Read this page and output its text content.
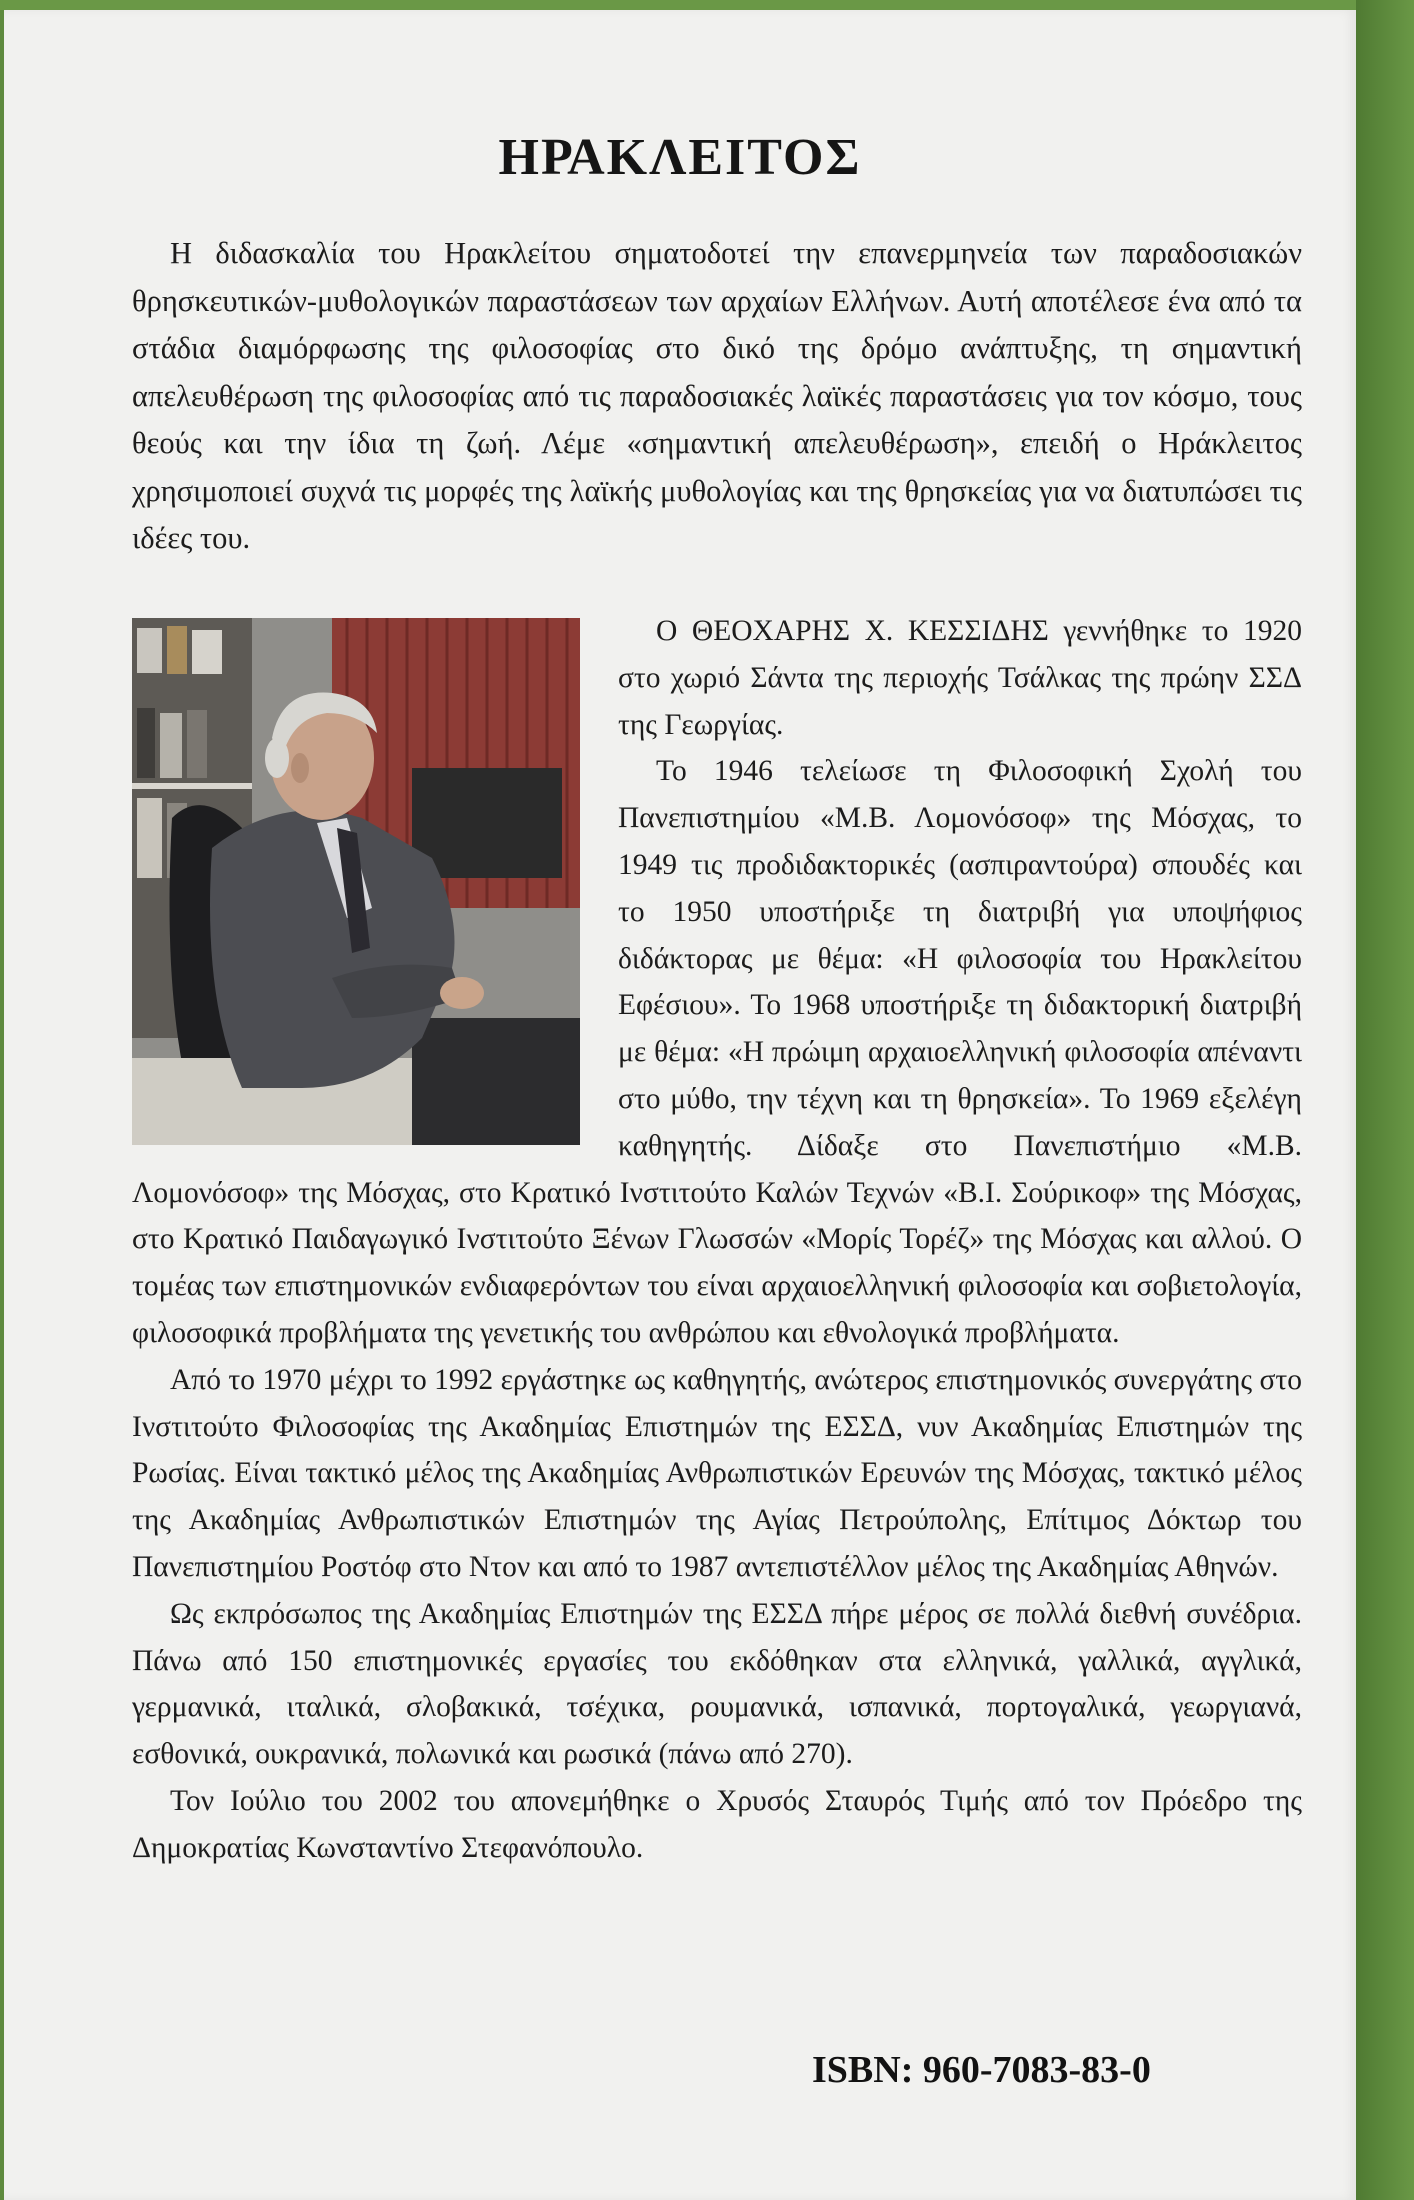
ΗΡΑΚΛΕΙΤΟΣ

Η διδασκαλία του Ηρακλείτου σηματοδοτεί την επανερμηνεία των παραδοσιακών θρησκευτικών-μυθολογικών παραστάσεων των αρχαίων Ελλήνων. Αυτή αποτέλεσε ένα από τα στάδια διαμόρφωσης της φιλοσοφίας στο δικό της δρόμο ανάπτυξης, τη σημαντική απελευθέρωση της φιλοσοφίας από τις παραδοσιακές λαϊκές παραστάσεις για τον κόσμο, τους θεούς και την ίδια τη ζωή. Λέμε «σημαντική απελευθέρωση», επειδή ο Ηράκλειτος χρησιμοποιεί συχνά τις μορφές της λαϊκής μυθολογίας και της θρησκείας για να διατυπώσει τις ιδέες του.

Ο ΘΕΟΧΑΡΗΣ Χ. ΚΕΣΣΙΔΗΣ γεννήθηκε το 1920 στο χωριό Σάντα της περιοχής Τσάλκας της πρώην ΣΣΔ της Γεωργίας.

Το 1946 τελείωσε τη Φιλοσοφική Σχολή του Πανεπιστημίου «Μ.Β. Λομονόσοφ» της Μόσχας, το 1949 τις προδιδακτορικές (ασπιραντούρα) σπουδές και το 1950 υποστήριξε τη διατριβή για υποψήφιος διδάκτορας με θέμα: «Η φιλοσοφία του Ηρακλείτου Εφέσιου». Το 1968 υποστήριξε τη διδακτορική διατριβή με θέμα: «Η πρώιμη αρχαιοελληνική φιλοσοφία απέναντι στο μύθο, την τέχνη και τη θρησκεία». Το 1969 εξελέγη καθηγητής. Δίδαξε στο Πανεπιστήμιο «Μ.Β. Λομονόσοφ» της Μόσχας, στο Κρατικό Ινστιτούτο Καλών Τεχνών «Β.Ι. Σούρικοφ» της Μόσχας, στο Κρατικό Παιδαγωγικό Ινστιτούτο Ξένων Γλωσσών «Μορίς Τορέζ» της Μόσχας και αλλού. Ο τομέας των επιστημονικών ενδιαφερόντων του είναι αρχαιοελληνική φιλοσοφία και σοβιετολογία, φιλοσοφικά προβλήματα της γενετικής του ανθρώπου και εθνολογικά προβλήματα.

Από το 1970 μέχρι το 1992 εργάστηκε ως καθηγητής, ανώτερος επιστημονικός συνεργάτης στο Ινστιτούτο Φιλοσοφίας της Ακαδημίας Επιστημών της ΕΣΣΔ, νυν Ακαδημίας Επιστημών της Ρωσίας. Είναι τακτικό μέλος της Ακαδημίας Ανθρωπιστικών Ερευνών της Μόσχας, τακτικό μέλος της Ακαδημίας Ανθρωπιστικών Επιστημών της Αγίας Πετρούπολης, Επίτιμος Δόκτωρ του Πανεπιστημίου Ροστόφ στο Ντον και από το 1987 αντεπιστέλλον μέλος της Ακαδημίας Αθηνών.

Ως εκπρόσωπος της Ακαδημίας Επιστημών της ΕΣΣΔ πήρε μέρος σε πολλά διεθνή συνέδρια. Πάνω από 150 επιστημονικές εργασίες του εκδόθηκαν στα ελληνικά, γαλλικά, αγγλικά, γερμανικά, ιταλικά, σλοβακικά, τσέχικα, ρουμανικά, ισπανικά, πορτογαλικά, γεωργιανά, εσθονικά, ουκρανικά, πολωνικά και ρωσικά (πάνω από 270).

Τον Ιούλιο του 2002 του απονεμήθηκε ο Χρυσός Σταυρός Τιμής από τον Πρόεδρο της Δημοκρατίας Κωνσταντίνο Στεφανόπουλο.

ISBN: 960-7083-83-0
